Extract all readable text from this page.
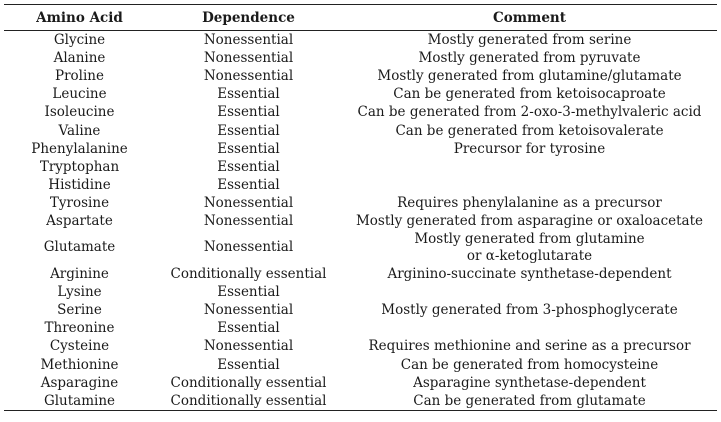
Amino Acid	Dependence	Comment
Glycine	Nonessential	Mostly generated from serine

Alanine	Nonessential	Mostly generated from pyruvate

Proline	Nonessential	Mostly generated from glutamine/glutamate

Leucine	Essential	Can be generated from ketoisocaproate

Isoleucine	Essential	Can be generated from 2-oxo-3-methylvaleric acid

Valine	Essential	Can be generated from ketoisovalerate

Phenylalanine	Essential	Precursor for tyrosine

Tryptophan	Essential	
Histidine	Essential	
Tyrosine	Nonessential	Requires phenylalanine as a precursor

Aspartate	Nonessential	Mostly generated from asparagine or oxaloacetate

Glutamate	Nonessential	Mostly generated from glutamine
or α-ketoglutarate

Arginine	Conditionally essential	Arginino-succinate synthetase-dependent

Lysine	Essential	
Serine	Nonessential	Mostly generated from 3-phosphoglycerate

Threonine	Essential	
Cysteine	Nonessential	Requires methionine and serine as a precursor

Methionine	Essential	Can be generated from homocysteine

Asparagine	Conditionally essential	Asparagine synthetase-dependent

Glutamine	Conditionally essential	Can be generated from glutamate
